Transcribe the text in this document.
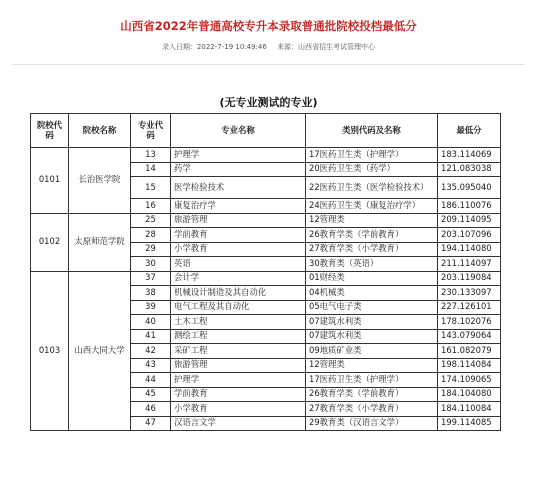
山西省2022年普通高校专升本录取普通批院校投档最低分
录入日期：2022-7-19 10:49:46 来源：山西省招生考试管理中心
(无专业测试的专业)
院校代码	院校名称	专业代码	专业名称	类别代码及名称	最低分
0101	长治医学院	13	护理学	17医药卫生类（护理学）	183.114069
		14	药学	20医药卫生类（药学）	121.083038
		15	医学检验技术	22医药卫生类（医学检验技术）	135.095040
		16	康复治疗学	24医药卫生类（康复治疗学）	186.110076
0102	太原师范学院	25	旅游管理	12管理类	209.114095
		28	学前教育	26教育学类（学前教育）	203.107096
		29	小学教育	27教育学类（小学教育）	194.114080
		30	英语	30教育类（英语）	211.114097
0103	山西大同大学	37	会计学	01财经类	203.119084
		38	机械设计制造及其自动化	04机械类	230.133097
		39	电气工程及其自动化	05电气电子类	227.126101
		40	土木工程	07建筑水利类	178.102076
		41	测绘工程	07建筑水利类	143.079064
		42	采矿工程	09地质矿业类	161.082079
		43	旅游管理	12管理类	198.114084
		44	护理学	17医药卫生类（护理学）	174.109065
		45	学前教育	26教育学类（学前教育）	184.104080
		46	小学教育	27教育学类（小学教育）	184.110084
		47	汉语言文学	29教育类（汉语言文学）	199.114085
